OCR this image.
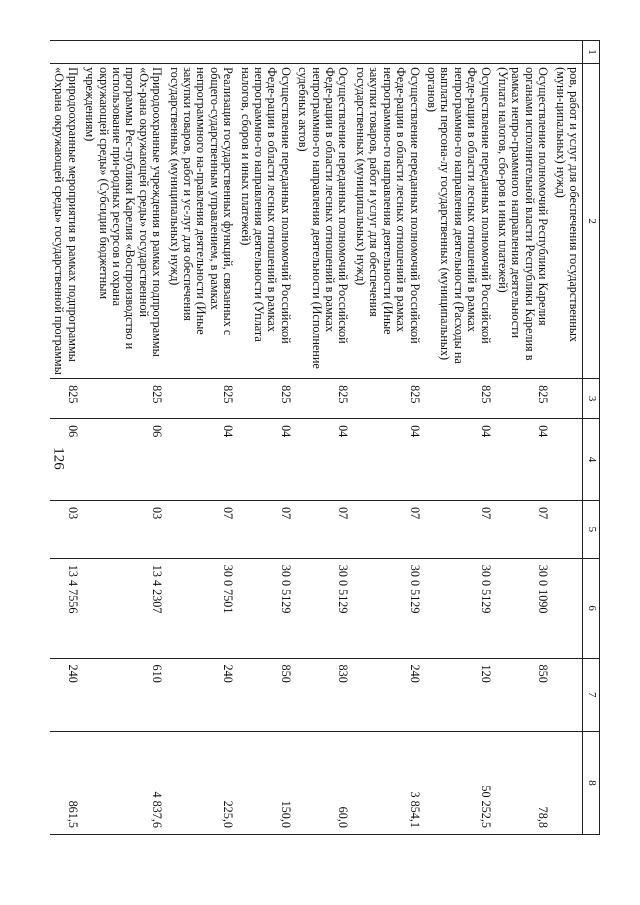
126
1	2	3	4	5	6	7	8
	ров, работ и услуг для обеспечения государственных (муни-ципальных) нужд)						
	Осуществление полномочий Республики Карелия органами исполнительной власти Республики Карелия в рамках непро-граммного направления деятельности (Уплата налогов, сбо-ров и иных платежей)	825	04	07	30 0 1090	850	78,8
	Осуществление переданных полномочий Российской Феде-рации в области лесных отношений в рамках непрограммно-го направления деятельности (Расходы на выплаты персона-лу государственных (муниципальных) органов)	825	04	07	30 0 5129	120	50 252,5
	Осуществление переданных полномочий Российской Феде-рации в области лесных отношений в рамках непрограммно-го направления деятельности (Иные закупки товаров, работ и услуг для обеспечения государственных (муниципальных) нужд)	825	04	07	30 0 5129	240	3 854,1
	Осуществление переданных полномочий Российской Феде-рации в области лесных отношений в рамках непрограммно-го направления деятельности (Исполнение судебных актов)	825	04	07	30 0 5129	830	60,0
	Осуществление переданных полномочий Российской Феде-рации в области лесных отношений в рамках непрограммно-го направления деятельности (Уплата налогов, сборов и иных платежей)	825	04	07	30 0 5129	850	150,0
	Реализация государственных функций, связанных с общего-сударственным управлением, в рамках непрограммного на-правления деятельности (Иные закупки товаров, работ и ус-луг для обеспечения государственных (муниципальных) нужд)	825	04	07	30 0 7501	240	225,0
	Природоохранные учреждения в рамках подпрограммы «Ох-рана окружающей среды» государственной программы Рес-публики Карелия «Воспроизводство и использование при-родных ресурсов и охрана окружающей среды» (Субсидии бюджетным учреждениям)	825	06	03	13 4 2307	610	4 837,6
	Природоохранные мероприятия в рамках подпрограммы «Охрана окружающей среды» государственной программы	825	06	03	13 4 7556	240	861,5
